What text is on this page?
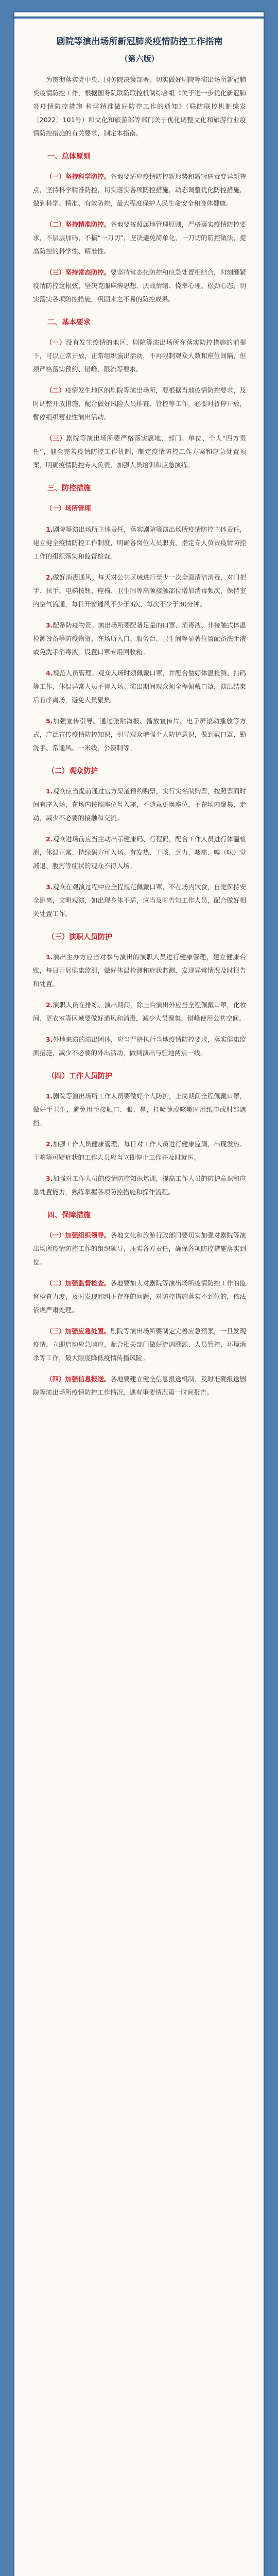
剧院等演出场所新冠肺炎疫情防控工作指南
（第六版）

为贯彻落实党中央、国务院决策部署，切实做好剧院等演出场所新冠肺炎疫情防控工作，根据国务院联防联控机制综合组《关于进一步优化新冠肺炎疫情防控措施 科学精准做好防控工作的通知》（联防联控机制综发〔2022〕101号）和文化和旅游部等部门关于优化调整文化和旅游行业疫情防控措施的有关要求，制定本指南。

一、总体原则

（一）坚持科学防控。各地要适应疫情防控新形势和新冠病毒变异新特点，坚持科学精准防控，切实落实各项防控措施，动态调整优化防控措施，做到科学、精准、有效防控，最大程度保护人民生命安全和身体健康。

（二）坚持精准防控。各地要按照属地管理原则，严格落实疫情防控要求，不层层加码，不搞“一刀切”，坚决避免简单化、一刀切的防控做法，提高防控的科学性、精准性。

（三）坚持常态防控。要坚持常态化防控和应急处置相结合，时刻绷紧疫情防控这根弦，坚决克服麻痹思想、厌战情绪、侥幸心理、松劲心态，切实落实各项防控措施，巩固来之不易的防控成果。

二、基本要求

（一）没有发生疫情的地区，剧院等演出场所在落实防控措施的前提下，可以正常开放，正常组织演出活动，不再限制观众人数和座位间隔，但须严格落实预约、错峰、限流等要求。

（二）疫情发生地区的剧院等演出场所，要根据当地疫情防控要求，及时调整开放措施，配合做好风险人员排查、管控等工作，必要时暂停开放，暂停组织营业性演出活动。

（三）剧院等演出场所要严格落实属地、部门、单位、个人“四方责任”，健全完善疫情防控工作机制，制定疫情防控工作方案和应急处置预案，明确疫情防控专人负责，加强人员培训和应急演练。

三、防控措施

（一）场所管理

1.剧院等演出场所主体责任，落实剧院等演出场所疫情防控主体责任，建立健全疫情防控工作制度，明确各岗位人员职责，指定专人负责疫情防控工作的组织落实和监督检查。

2.做好消毒通风。每天对公共区域进行至少一次全面清洁消毒，对门把手、扶手、电梯按钮、座椅、卫生间等高频接触部位增加消毒频次，保持室内空气流通，每日开窗通风不少于3次，每次不少于30分钟。

3.配备防疫物资。演出场所要配备足量的口罩、消毒液、非接触式体温检测设备等防疫物资，在场所入口、服务台、卫生间等显著位置配备洗手液或免洗手消毒液，设置口罩专用回收箱。

4.规范人员管理。观众入场时须佩戴口罩，并配合做好体温检测、扫码等工作，体温异常人员不得入场。演出期间观众须全程佩戴口罩，演出结束后有序离场，避免人员聚集。

5.加强宣传引导。通过张贴海报、播放宣传片、电子屏滚动播放等方式，广泛宣传疫情防控知识，引导观众增强个人防护意识，做到戴口罩、勤洗手、常通风、一米线、公筷制等。

（二）观众防护

1.观众应当提前通过官方渠道预约购票，实行实名制购票，按照票面时间有序入场，在场内按照座位号入座，不随意更换座位，不在场内聚集、走动，减少不必要的接触和交流。

2.观众进场前应当主动出示健康码、行程码，配合工作人员进行体温检测，体温正常、持绿码方可入场。有发热、干咳、乏力、咽痛、嗅（味）觉减退、腹泻等症状的观众不得入场。

3.观众在观演过程中应全程规范佩戴口罩，不在场内饮食，自觉保持安全距离，文明观演，如出现身体不适，应当及时告知工作人员，配合做好相关处置工作。

（三）演职人员防护

1.演出主办方应当对参与演出的演职人员进行健康管理，建立健康台账，每日开展健康监测，做好体温检测和症状监测，发现异常情况及时报告和处置。

2.演职人员在排练、演出期间，除上台演出外应当全程佩戴口罩，化妆间、更衣室等区域要做好通风和消毒，减少人员聚集，错峰使用公共空间。

3.外地来演的演出团体，应当严格执行当地疫情防控要求，落实健康监测措施，减少不必要的外出活动，做到演出与驻地两点一线。

（四）工作人员防护

1.剧院等演出场所工作人员要做好个人防护，上岗期间全程佩戴口罩，做好手卫生，避免用手接触口、眼、鼻，打喷嚏或咳嗽时用纸巾或肘部遮挡。

2.加强工作人员健康管理，每日对工作人员进行健康监测，出现发热、干咳等可疑症状的工作人员应当立即停止工作并及时就医。

3.加强对工作人员的疫情防控知识培训，提高工作人员的防护意识和应急处置能力，熟练掌握各项防控措施和操作流程。

四、保障措施

（一）加强组织领导。各地文化和旅游行政部门要切实加强对剧院等演出场所疫情防控工作的组织领导，压实各方责任，确保各项防控措施落实到位。

（二）加强监督检查。各地要加大对剧院等演出场所疫情防控工作的监督检查力度，及时发现和纠正存在的问题，对防控措施落实不到位的，依法依规严肃处理。

（三）加强应急处置。剧院等演出场所要制定完善应急预案，一旦发现疫情，立即启动应急响应，配合相关部门做好流调溯源、人员管控、环境消杀等工作，最大限度降低疫情传播风险。

（四）加强信息报送。各地要建立健全信息报送机制，及时准确报送剧院等演出场所疫情防控工作情况，遇有重要情况第一时间报告。
